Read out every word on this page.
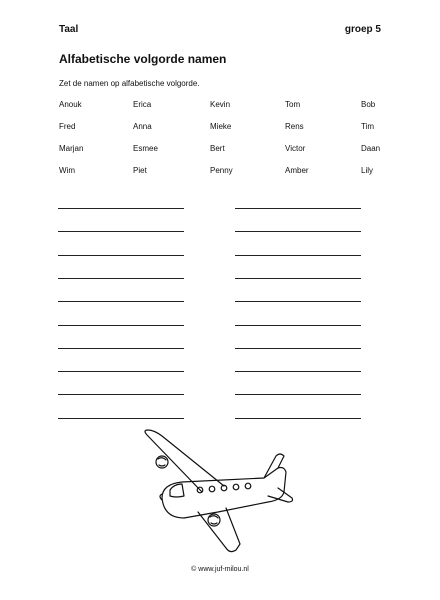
Taal	groep 5
Alfabetische volgorde namen
Zet de namen op alfabetische volgorde.
Anouk	Erica	Kevin	Tom	Bob
Fred	Anna	Mieke	Rens	Tim
Marjan	Esmee	Bert	Victor	Daan
Wim	Piet	Penny	Amber	Lily
© www.juf-milou.nl
